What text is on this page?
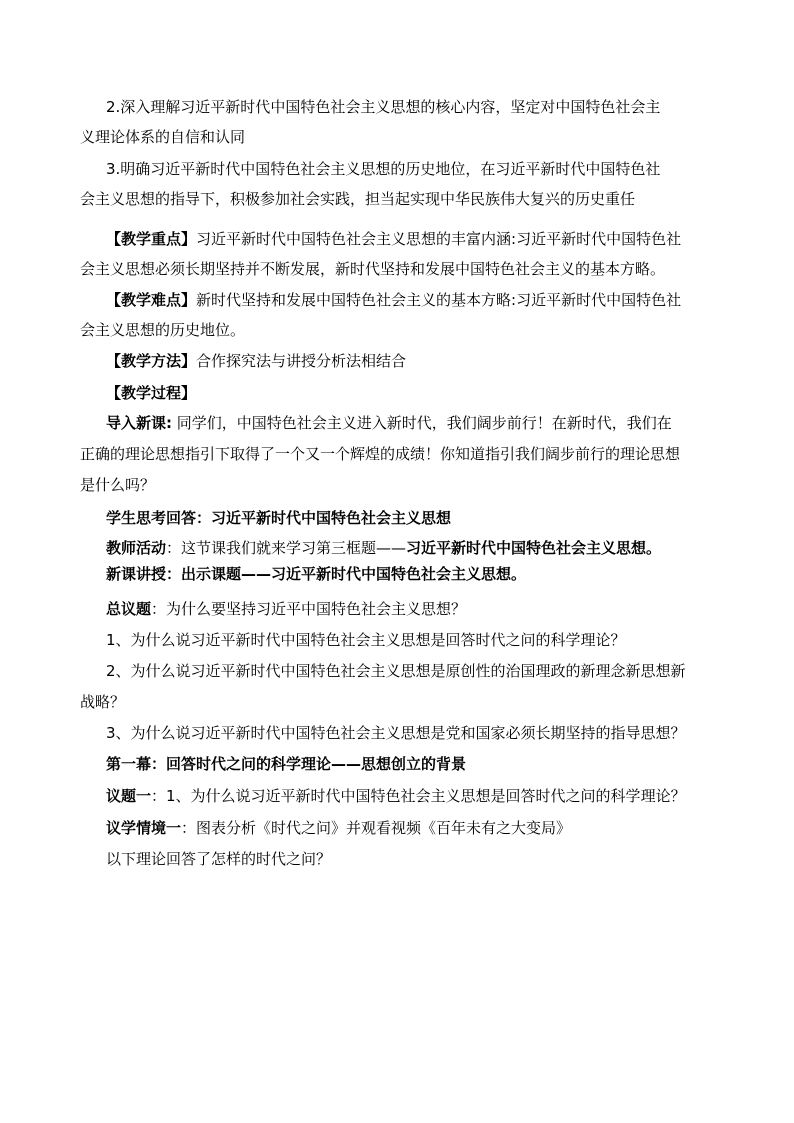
2.深入理解习近平新时代中国特色社会主义思想的核心内容，坚定对中国特色社会主
义理论体系的自信和认同
3.明确习近平新时代中国特色社会主义思想的历史地位，在习近平新时代中国特色社
会主义思想的指导下，积极参加社会实践，担当起实现中华民族伟大复兴的历史重任
【教学重点】习近平新时代中国特色社会主义思想的丰富内涵:习近平新时代中国特色社
会主义思想必须长期坚持并不断发展，新时代坚持和发展中国特色社会主义的基本方略。
【教学难点】新时代坚持和发展中国特色社会主义的基本方略:习近平新时代中国特色社
会主义思想的历史地位。
【教学方法】合作探究法与讲授分析法相结合
【教学过程】
导入新课: 同学们，中国特色社会主义进入新时代，我们阔步前行！在新时代，我们在
正确的理论思想指引下取得了一个又一个辉煌的成绩！你知道指引我们阔步前行的理论思想
是什么吗？
学生思考回答：习近平新时代中国特色社会主义思想
教师活动：这节课我们就来学习第三框题——习近平新时代中国特色社会主义思想。
新课讲授：出示课题——习近平新时代中国特色社会主义思想。
总议题：为什么要坚持习近平中国特色社会主义思想？
1、为什么说习近平新时代中国特色社会主义思想是回答时代之问的科学理论？
2、为什么说习近平新时代中国特色社会主义思想是原创性的治国理政的新理念新思想新
战略？
3、为什么说习近平新时代中国特色社会主义思想是党和国家必须长期坚持的指导思想？
第一幕：回答时代之问的科学理论——思想创立的背景
议题一：1、为什么说习近平新时代中国特色社会主义思想是回答时代之问的科学理论？
议学情境一：图表分析《时代之问》并观看视频《百年未有之大变局》
以下理论回答了怎样的时代之问？
